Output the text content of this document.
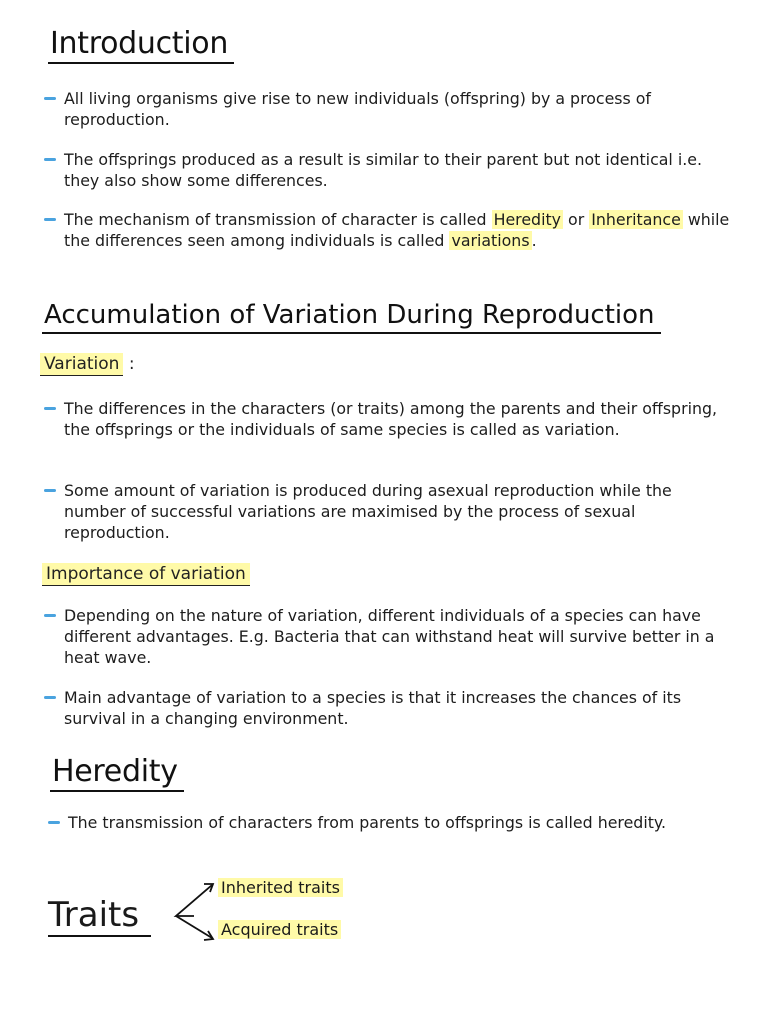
Introduction
All living organisms give rise to new individuals (offspring) by a process of reproduction.
The offsprings produced as a result is similar to their parent but not identical i.e. they also show some differences.
The mechanism of transmission of character is called Heredity or Inheritance while the differences seen among individuals is called variations .
Accumulation of Variation During Reproduction
Variation :
The differences in the characters (or traits) among the parents and their offspring, the offsprings or the individuals of same species is called as variation.
Some amount of variation is produced during asexual reproduction while the number of successful variations are maximised by the process of sexual reproduction.
Importance of variation
Depending on the nature of variation, different individuals of a species can have different advantages. E.g. Bacteria that can withstand heat will survive better in a heat wave.
Main advantage of variation to a species is that it increases the chances of its survival in a changing environment.
Heredity
The transmission of characters from parents to offsprings is called heredity.
Traits
Inherited traits
Acquired traits
